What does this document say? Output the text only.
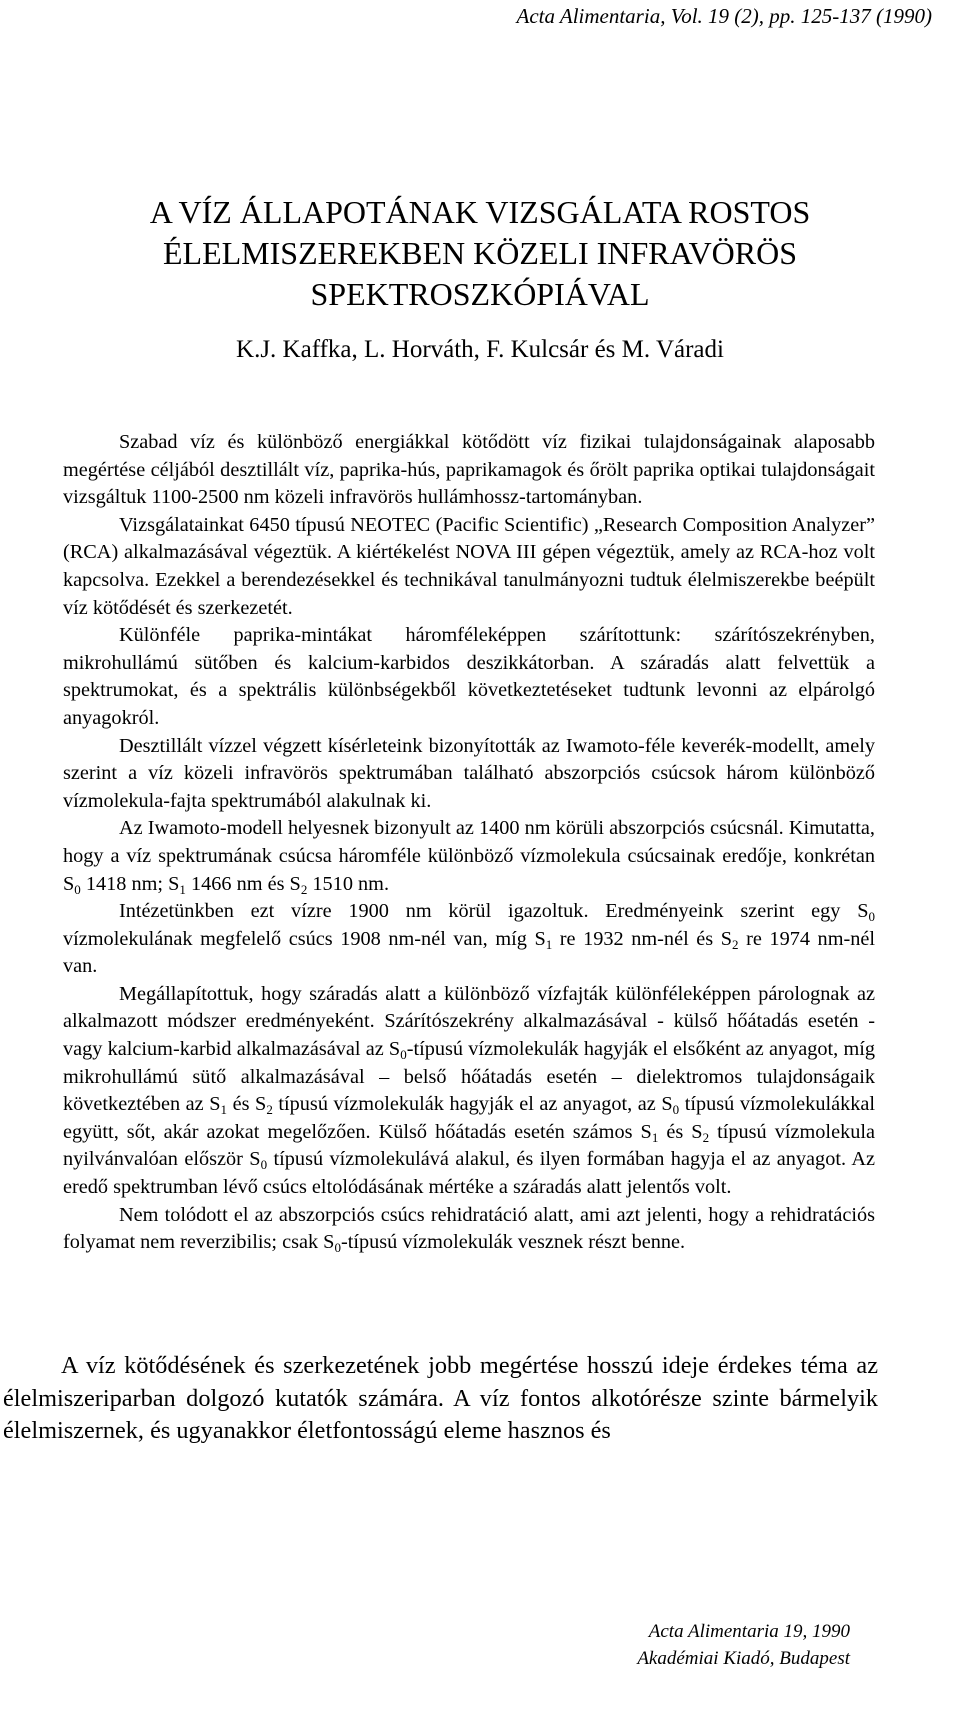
Acta Alimentaria, Vol. 19 (2), pp. 125-137 (1990)
A VÍZ ÁLLAPOTÁNAK VIZSGÁLATA ROSTOS
ÉLELMISZEREKBEN KÖZELI INFRAVÖRÖS
SPEKTROSZKÓPIÁVAL
K.J. Kaffka, L. Horváth, F. Kulcsár és M. Váradi

Szabad víz és különböző energiákkal kötődött víz fizikai tulajdonságainak alaposabb megértése céljából desztillált víz, paprika-hús, paprikamagok és őrölt paprika optikai tulajdonságait vizsgáltuk 1100-2500 nm közeli infravörös hullámhossz-tartományban.

Vizsgálatainkat 6450 típusú NEOTEC (Pacific Scientific) „Research Composition Analyzer” (RCA) alkalmazásával végeztük. A kiértékelést NOVA III gépen végeztük, amely az RCA-hoz volt kapcsolva. Ezekkel a berendezésekkel és technikával tanulmányozni tudtuk élelmiszerekbe beépült víz kötődését és szerkezetét.

Különféle paprika-mintákat háromféleképpen szárítottunk: szárítószekrényben, mikrohullámú sütőben és kalcium-karbidos deszikkátorban. A száradás alatt felvettük a spektrumokat, és a spektrális különbségekből következtetéseket tudtunk levonni az elpárolgó anyagokról.

Desztillált vízzel végzett kísérleteink bizonyították az Iwamoto-féle keverék-modellt, amely szerint a víz közeli infravörös spektrumában található abszorpciós csúcsok három különböző vízmolekula-fajta spektrumából alakulnak ki.

Az Iwamoto-modell helyesnek bizonyult az 1400 nm körüli abszorpciós csúcsnál. Kimutatta, hogy a víz spektrumának csúcsa háromféle különböző vízmolekula csúcsainak eredője, konkrétan $S_0$ 1418 nm; $S_1$ 1466 nm és $S_2$ 1510 nm.

Intézetünkben ezt vízre 1900 nm körül igazoltuk. Eredményeink szerint egy $S_0$ vízmolekulának megfelelő csúcs 1908 nm-nél van, míg $S_1$ re 1932 nm-nél és $S_2$ re 1974 nm-nél van.

Megállapítottuk, hogy száradás alatt a különböző vízfajták különféleképpen párolognak az alkalmazott módszer eredményeként. Szárítószekrény alkalmazásával - külső hőátadás esetén - vagy kalcium-karbid alkalmazásával az $S_0$-típusú vízmolekulák hagyják el elsőként az anyagot, míg mikrohullámú sütő alkalmazásával – belső hőátadás esetén – dielektromos tulajdonságaik következtében az $S_1$ és $S_2$ típusú vízmolekulák hagyják el az anyagot, az $S_0$ típusú vízmolekulákkal együtt, sőt, akár azokat megelőzően. Külső hőátadás esetén számos $S_1$ és $S_2$ típusú vízmolekula nyilvánvalóan először $S_0$ típusú vízmolekulává alakul, és ilyen formában hagyja el az anyagot. Az eredő spektrumban lévő csúcs eltolódásának mértéke a száradás alatt jelentős volt.

Nem tolódott el az abszorpciós csúcs rehidratáció alatt, ami azt jelenti, hogy a rehidratációs folyamat nem reverzibilis; csak $S_0$-típusú vízmolekulák vesznek részt benne.

A víz kötődésének és szerkezetének jobb megértése hosszú ideje érdekes téma az élelmiszeriparban dolgozó kutatók számára. A víz fontos alkotórésze szinte bármelyik élelmiszernek, és ugyanakkor életfontosságú eleme hasznos és

Acta Alimentaria 19, 1990
Akadémiai Kiadó, Budapest
